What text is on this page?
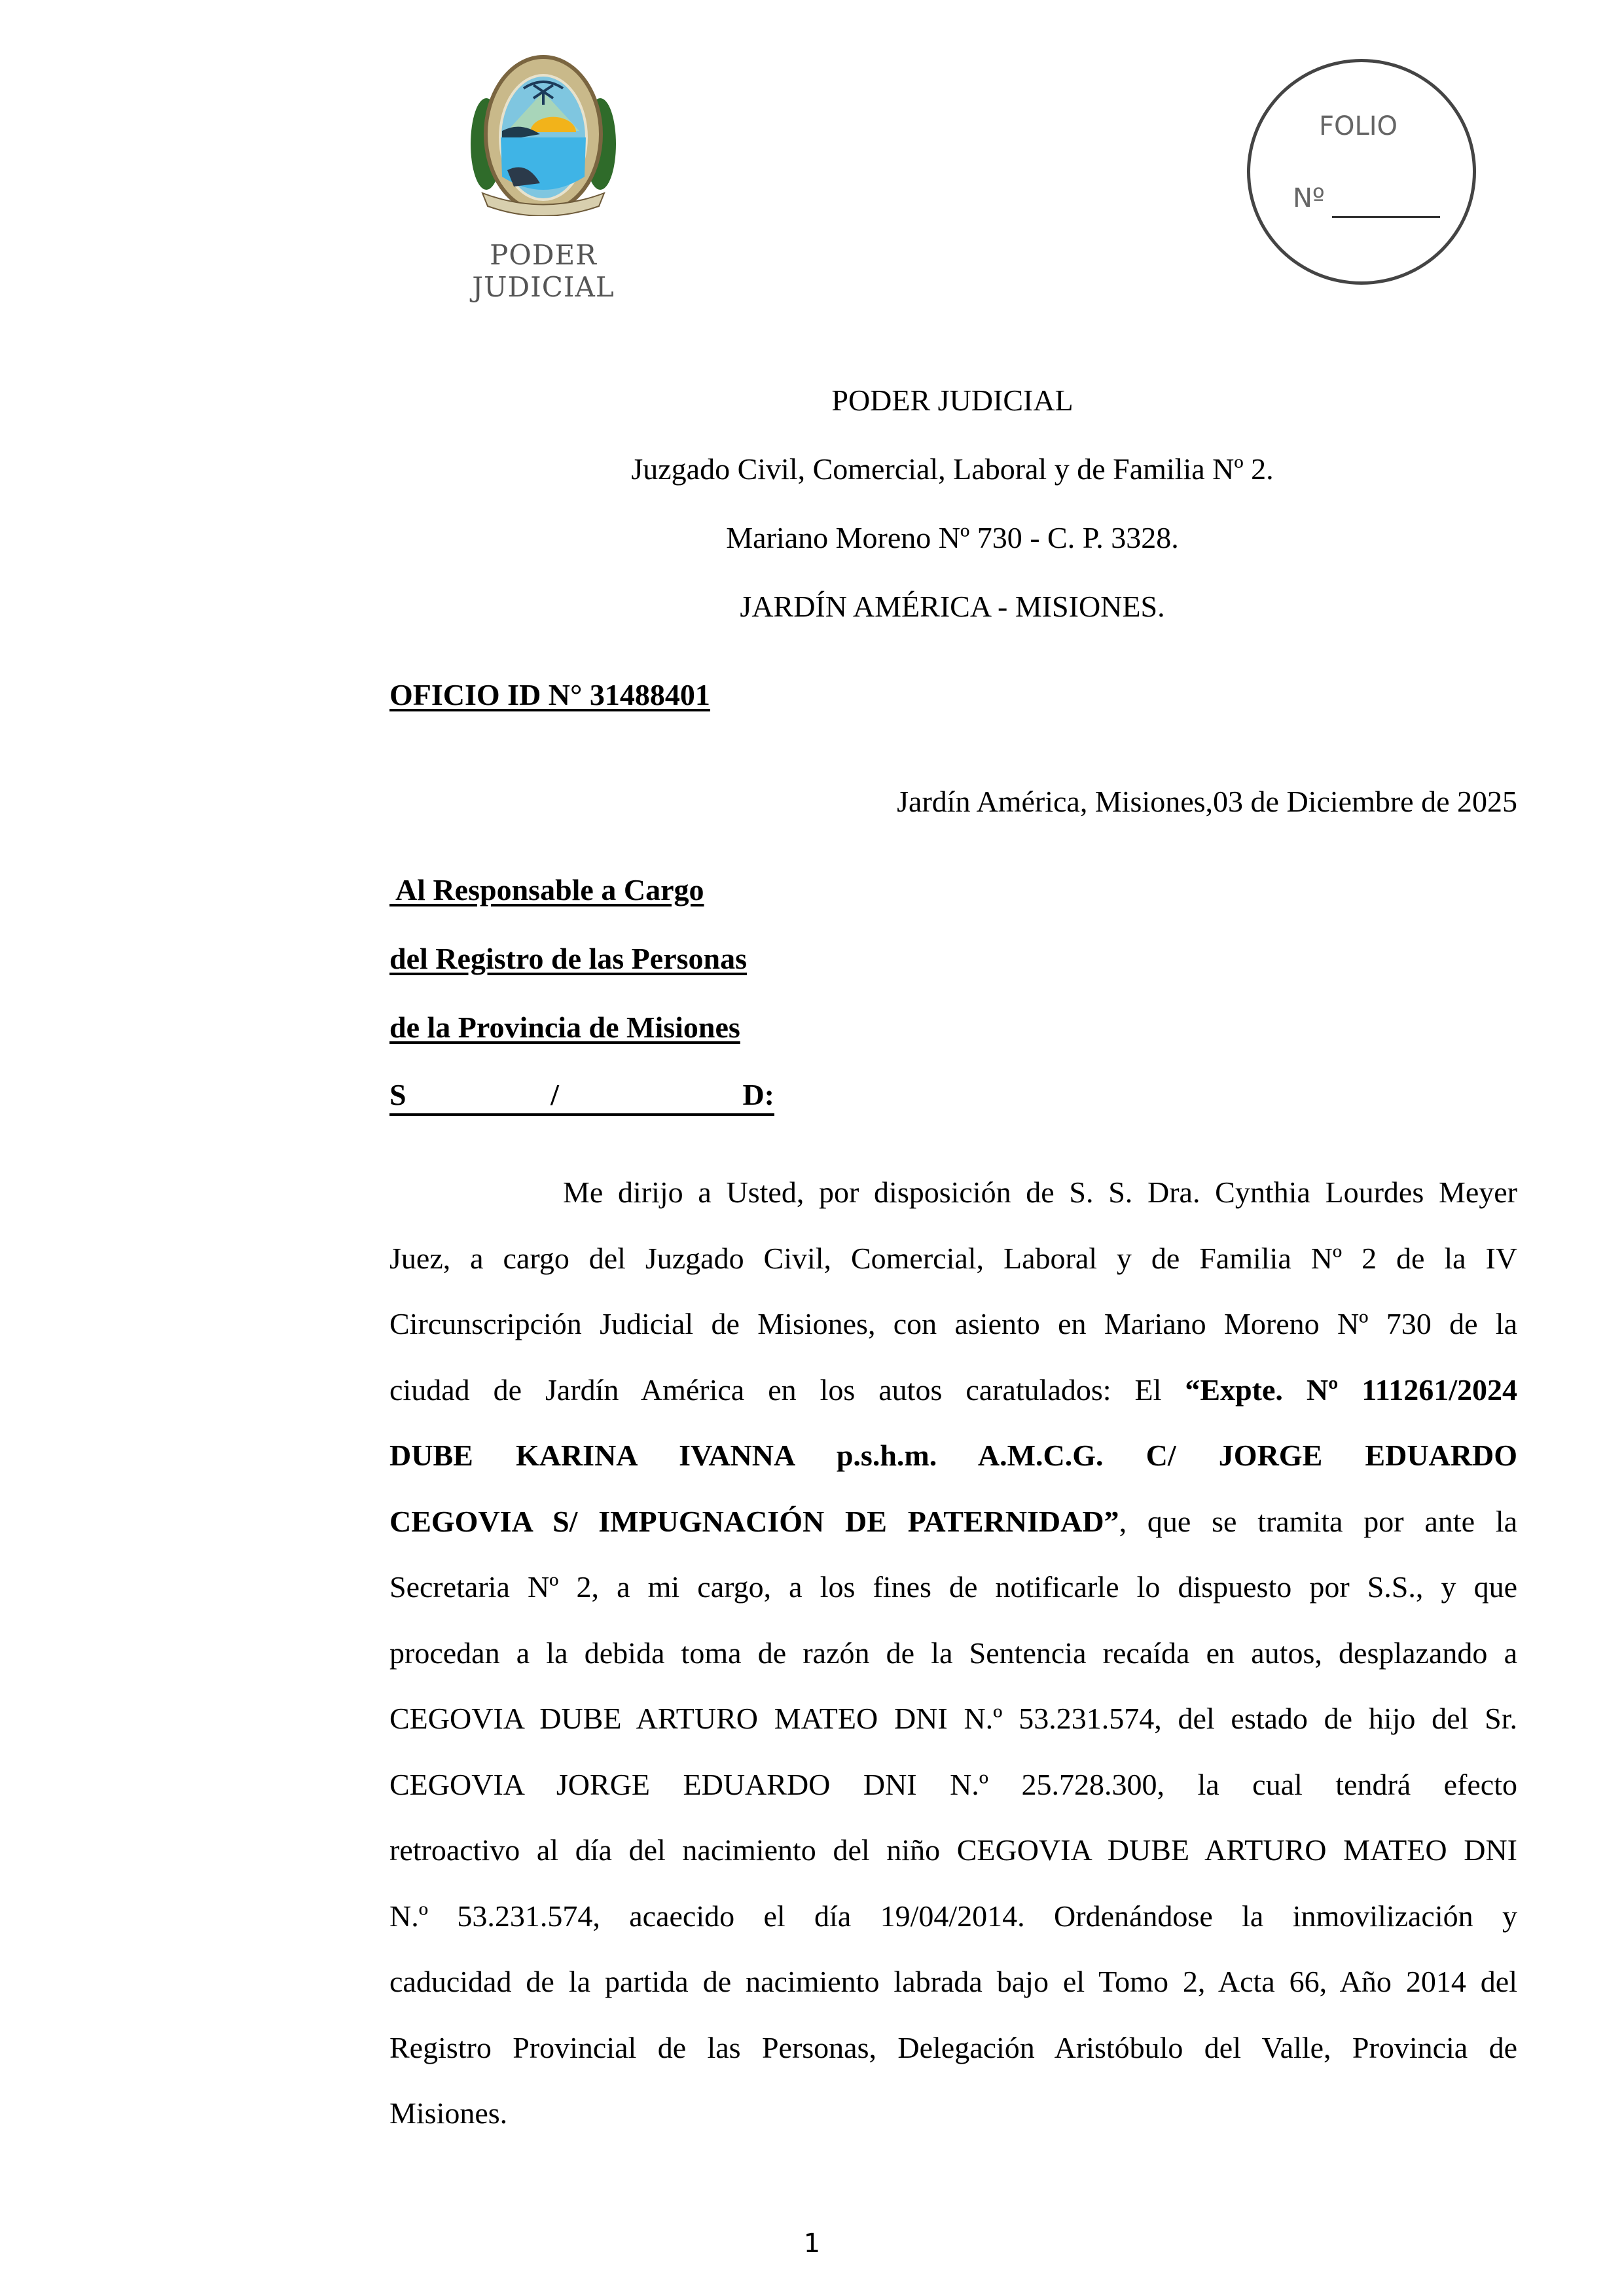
PODER JUDICIAL
FOLIO
Nº
PODER JUDICIAL
Juzgado Civil, Comercial, Laboral y de Familia Nº 2.
Mariano Moreno Nº 730 - C. P. 3328.
JARDÍN AMÉRICA - MISIONES.
OFICIO ID N° 31488401
Jardín América, Misiones,03 de Diciembre de 2025
Al Responsable a Cargo
del Registro de las Personas
de la Provincia de Misiones
S	/	D:
Me dirijo a Usted, por disposición de S. S. Dra. Cynthia Lourdes Meyer
Juez, a cargo del Juzgado Civil, Comercial, Laboral y de Familia Nº 2 de la IV
Circunscripción Judicial de Misiones, con asiento en Mariano Moreno Nº 730 de la
ciudad de Jardín América en los autos caratulados: El “Expte. Nº 111261/2024
DUBE KARINA IVANNA p.s.h.m. A.M.C.G. C/ JORGE EDUARDO
CEGOVIA S/ IMPUGNACIÓN DE PATERNIDAD”, que se tramita por ante la
Secretaria Nº 2, a mi cargo, a los fines de notificarle lo dispuesto por S.S., y que
procedan a la debida toma de razón de la Sentencia recaída en autos, desplazando a
CEGOVIA DUBE ARTURO MATEO DNI N.º 53.231.574, del estado de hijo del Sr.
CEGOVIA JORGE EDUARDO DNI N.º 25.728.300, la cual tendrá efecto
retroactivo al día del nacimiento del niño CEGOVIA DUBE ARTURO MATEO DNI
N.º 53.231.574, acaecido el día 19/04/2014. Ordenándose la inmovilización y
caducidad de la partida de nacimiento labrada bajo el Tomo 2, Acta 66, Año 2014 del
Registro Provincial de las Personas, Delegación Aristóbulo del Valle, Provincia de
Misiones.
1
